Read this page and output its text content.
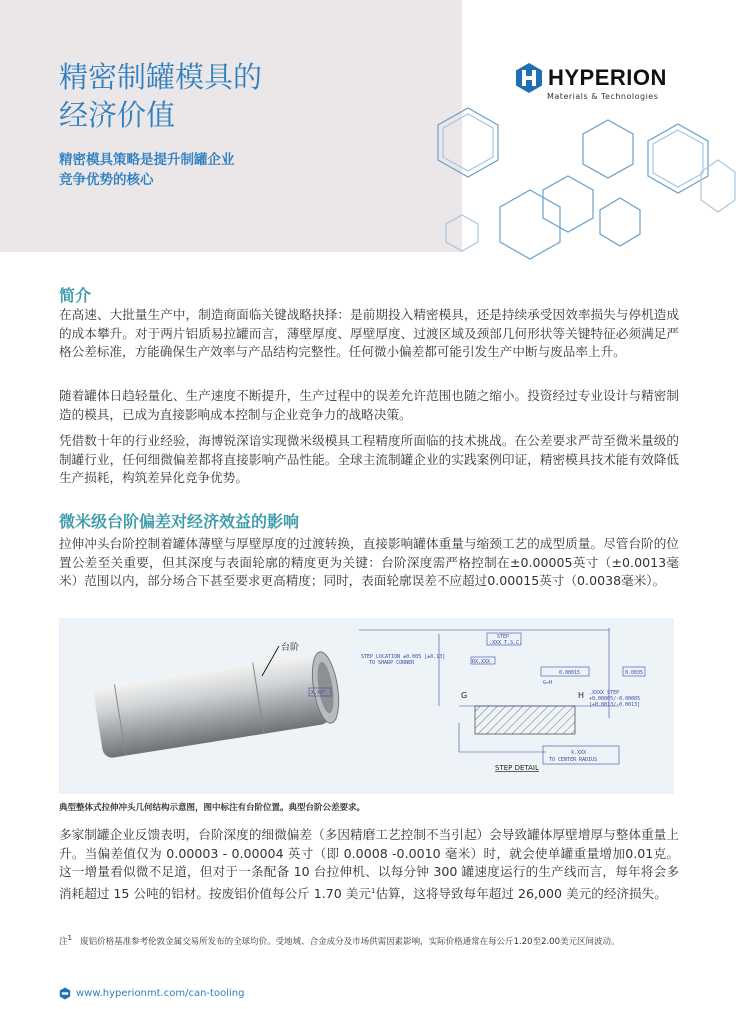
精密制罐模具的
经济价值
精密模具策略是提升制罐企业
竞争优势的核心
HYPERION
Materials & Technologies
简介
在高速、大批量生产中，制造商面临关键战略抉择：是前期投入精密模具，还是持续承受因效率损失与停机造成的成本攀升。对于两片铝质易拉罐而言，薄壁厚度、厚壁厚度、过渡区域及颈部几何形状等关键特征必须满足严格公差标准，方能确保生产效率与产品结构完整性。任何微小偏差都可能引发生产中断与废品率上升。
随着罐体日趋轻量化、生产速度不断提升，生产过程中的误差允许范围也随之缩小。投资经过专业设计与精密制造的模具，已成为直接影响成本控制与企业竞争力的战略决策。
凭借数十年的行业经验，海博锐深谙实现微米级模具工程精度所面临的技术挑战。在公差要求严苛至微米量级的制罐行业，任何细微偏差都将直接影响产品性能。全球主流制罐企业的实践案例印证，精密模具技术能有效降低生产损耗，构筑差异化竞争优势。
微米级台阶偏差对经济效益的影响
拉伸冲头台阶控制着罐体薄壁与厚壁厚度的过渡转换，直接影响罐体重量与缩颈工艺的成型质量。尽管台阶的位置公差至关重要，但其深度与表面轮廓的精度更为关键：台阶深度需严格控制在±0.00005英寸（±0.0013毫米）范围以内，部分场合下甚至要求更高精度；同时，表面轮廓误差不应超过0.00015英寸（0.0038毫米）。
台阶
STEP LOCATION ±0.005 [±0.13]
TO SHARP CORNER
STEP
.XXX T.S.C.
RX.XXX
X.XX°	G	H .XXXX STEP
+0.00005/-0.00005
[+0.0013/-0.0013]
0.00015	0.0035
G↔H
X.XXX
TO CENTER RADIUS
STEP DETAIL
典型整体式拉伸冲头几何结构示意图，图中标注有台阶位置。典型台阶公差要求。
多家制罐企业反馈表明，台阶深度的细微偏差（多因精磨工艺控制不当引起）会导致罐体厚壁增厚与整体重量上升。当偏差值仅为 0.00003 - 0.00004 英寸（即 0.0008 -0.0010 毫米）时，就会使单罐重量增加0.01克。这一增量看似微不足道，但对于一条配备 10 台拉伸机、以每分钟 300 罐速度运行的生产线而言，每年将会多消耗超过 15 公吨的铝材。按废铝价值每公斤 1.70 美元$^1$估算，这将导致每年超过 26,000 美元的经济损失。
注$^1$ 废铝价格基准参考伦敦金属交易所发布的全球均价。受地域、合金成分及市场供需因素影响，实际价格通常在每公斤1.20至2.00美元区间波动。
www.hyperionmt.com/can-tooling
